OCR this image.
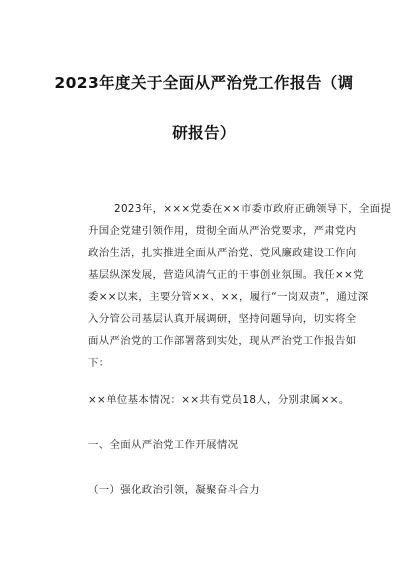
2023年度关于全面从严治党工作报告（调
研报告）
2023年，×××党委在××市委市政府正确领导下，全面提
升国企党建引领作用，贯彻全面从严治党要求，严肃党内
政治生活，扎实推进全面从严治党、党风廉政建设工作向
基层纵深发展，营造风清气正的干事创业氛围。我任××党
委××以来，主要分管××、××，履行“一岗双责”，通过深
入分管公司基层认真开展调研，坚持问题导向，切实将全
面从严治党的工作部署落到实处，现从严治党工作报告如
下：
××单位基本情况：××共有党员18人，分别隶属××。
一、全面从严治党工作开展情况
（一）强化政治引领，凝聚奋斗合力
